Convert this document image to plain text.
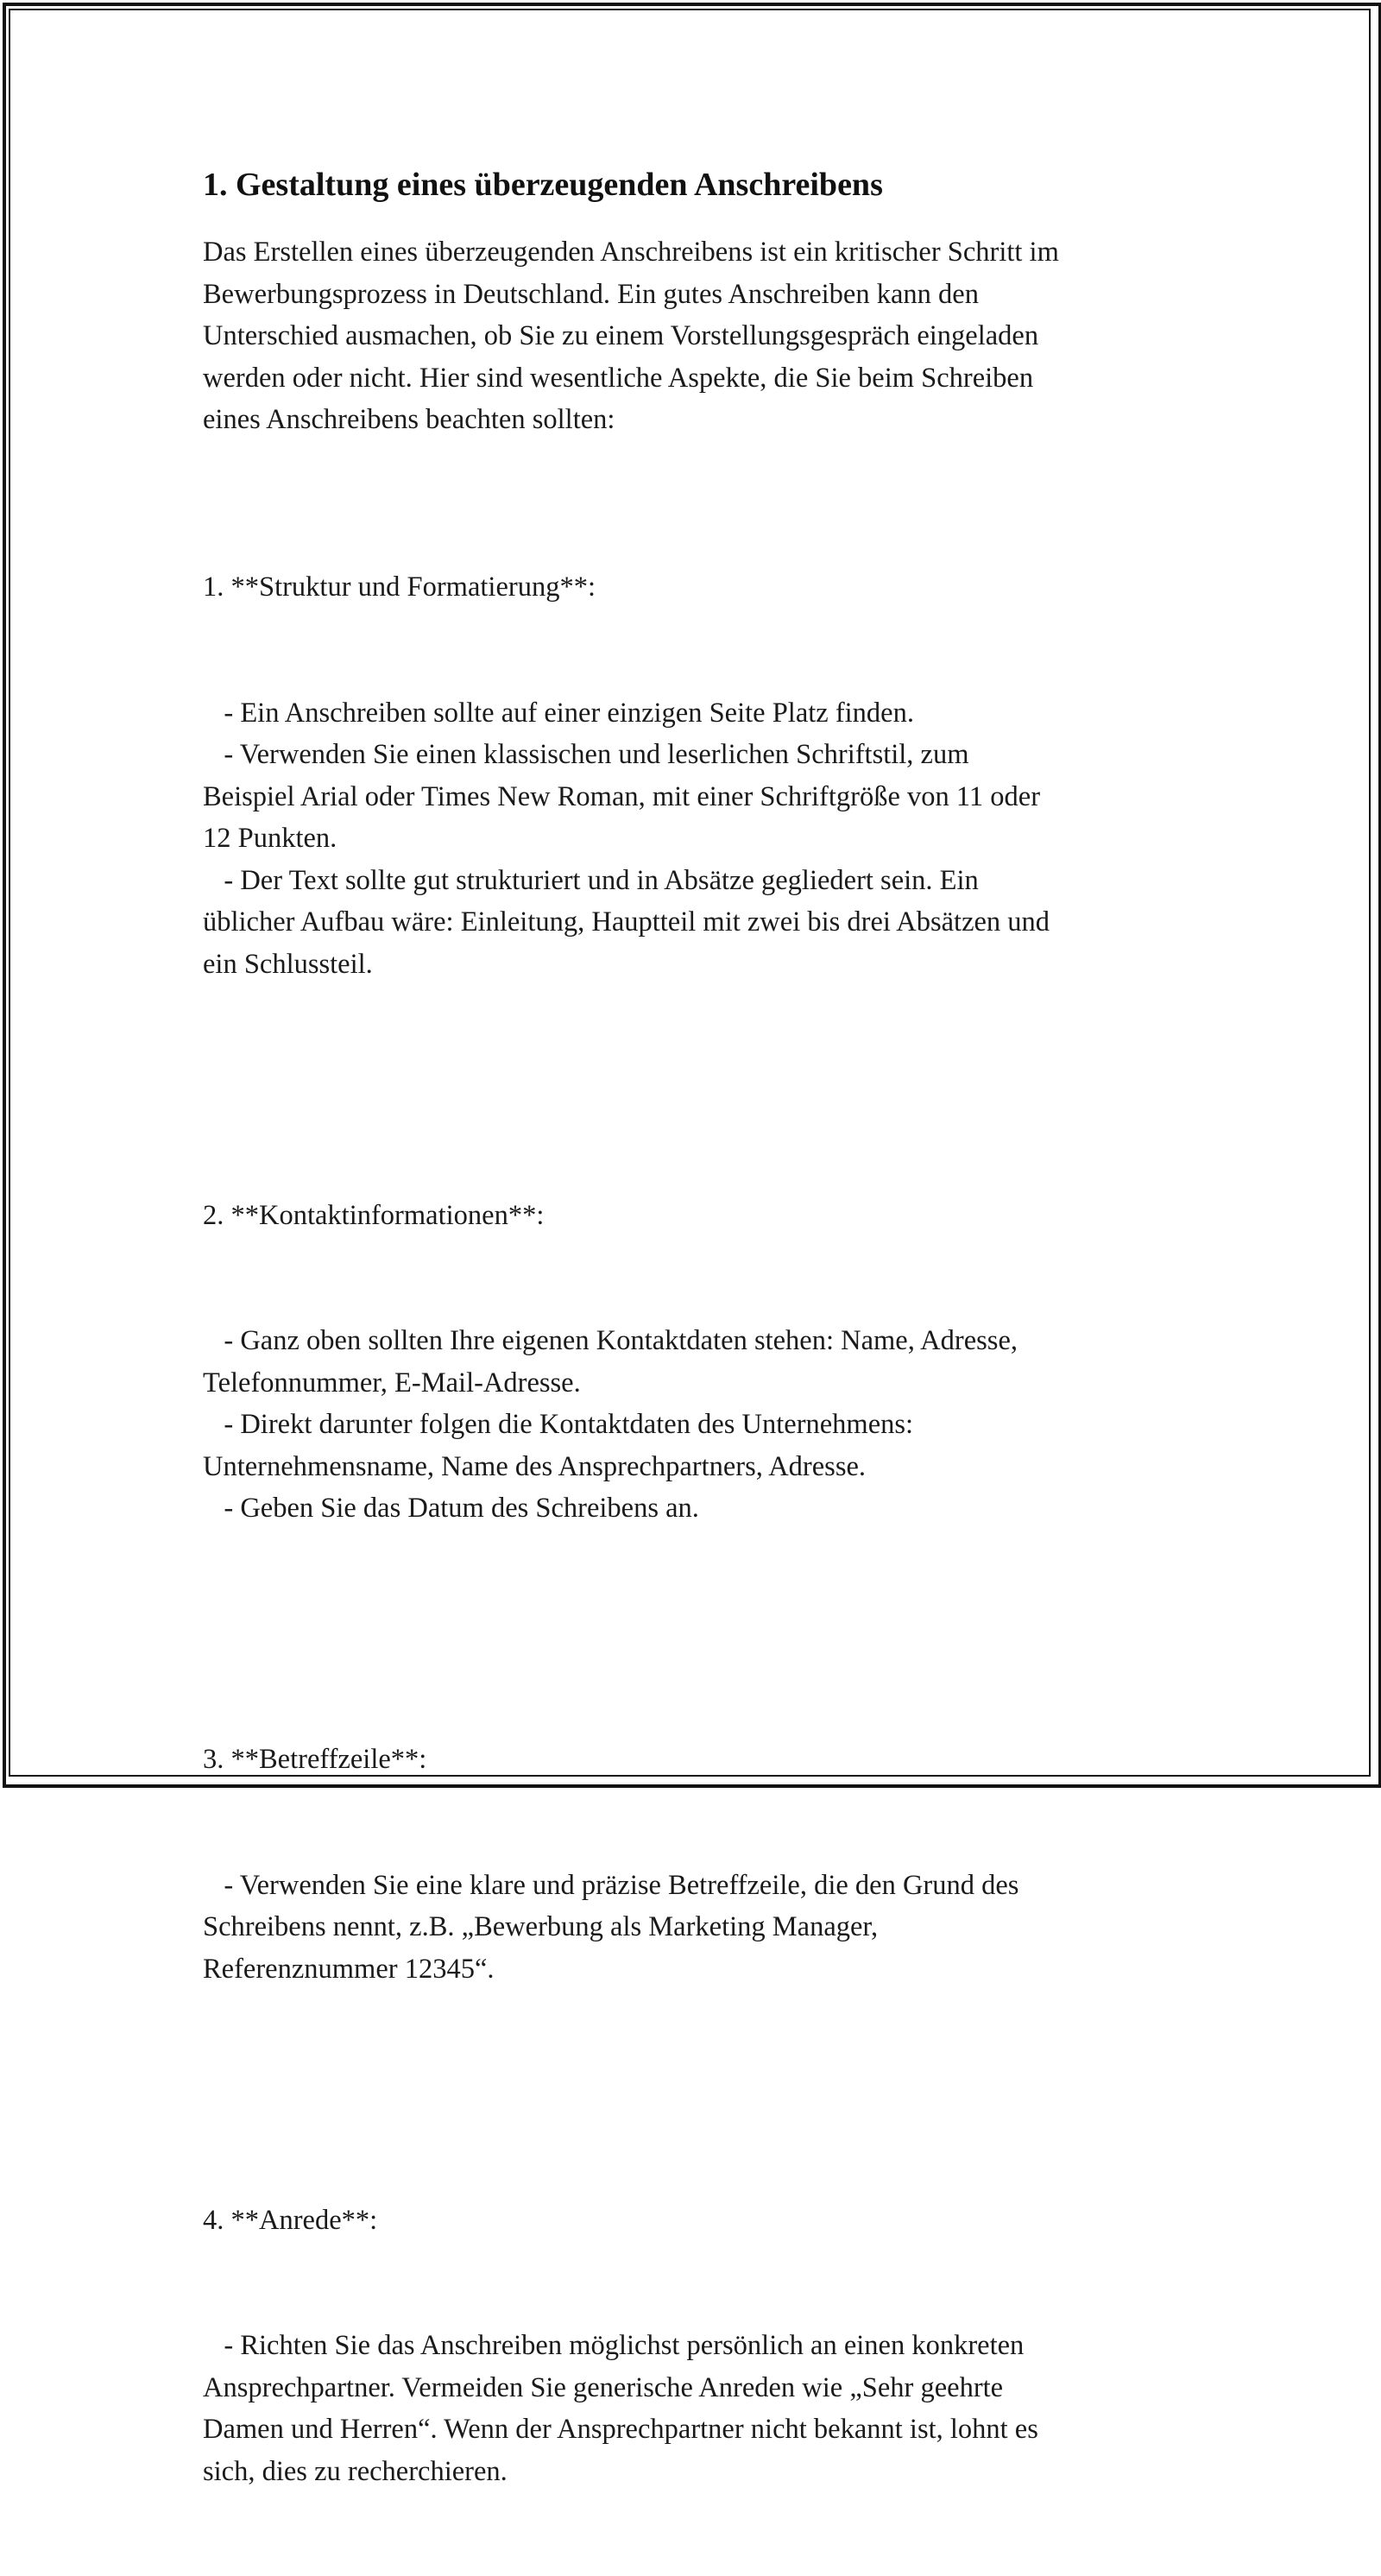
1. Gestaltung eines überzeugenden Anschreibens

Das Erstellen eines überzeugenden Anschreibens ist ein kritischer Schritt im
Bewerbungsprozess in Deutschland. Ein gutes Anschreiben kann den
Unterschied ausmachen, ob Sie zu einem Vorstellungsgespräch eingeladen
werden oder nicht. Hier sind wesentliche Aspekte, die Sie beim Schreiben
eines Anschreibens beachten sollten:

1. **Struktur und Formatierung**:

- Ein Anschreiben sollte auf einer einzigen Seite Platz finden.
- Verwenden Sie einen klassischen und leserlichen Schriftstil, zum
Beispiel Arial oder Times New Roman, mit einer Schriftgröße von 11 oder
12 Punkten.
- Der Text sollte gut strukturiert und in Absätze gegliedert sein. Ein
üblicher Aufbau wäre: Einleitung, Hauptteil mit zwei bis drei Absätzen und
ein Schlussteil.

2. **Kontaktinformationen**:

- Ganz oben sollten Ihre eigenen Kontaktdaten stehen: Name, Adresse,
Telefonnummer, E-Mail-Adresse.
- Direkt darunter folgen die Kontaktdaten des Unternehmens:
Unternehmensname, Name des Ansprechpartners, Adresse.
- Geben Sie das Datum des Schreibens an.

3. **Betreffzeile**:

- Verwenden Sie eine klare und präzise Betreffzeile, die den Grund des
Schreibens nennt, z.B. „Bewerbung als Marketing Manager,
Referenznummer 12345“.

4. **Anrede**:

- Richten Sie das Anschreiben möglichst persönlich an einen konkreten
Ansprechpartner. Vermeiden Sie generische Anreden wie „Sehr geehrte
Damen und Herren“. Wenn der Ansprechpartner nicht bekannt ist, lohnt es
sich, dies zu recherchieren.
